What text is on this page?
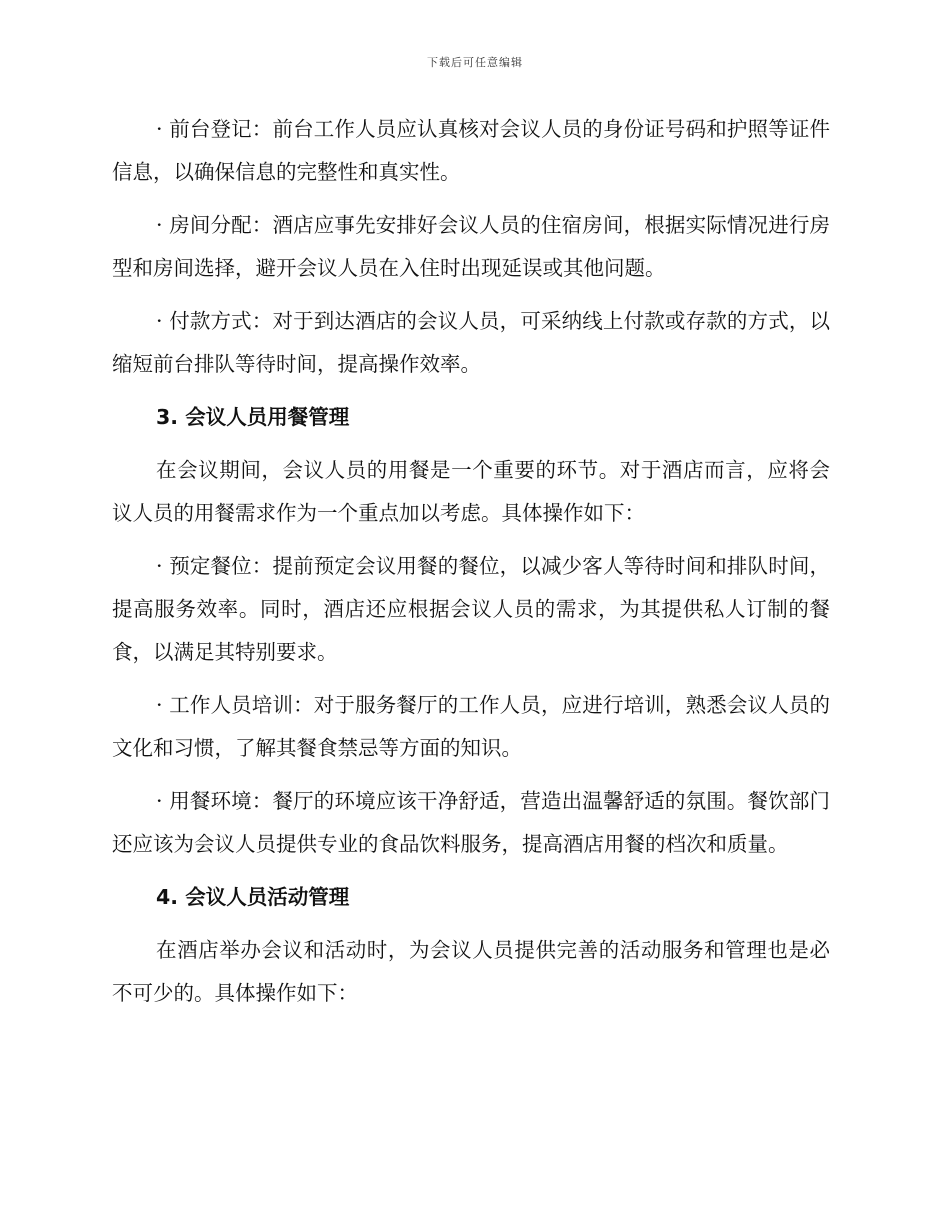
下载后可任意编辑

· 前台登记：前台工作人员应认真核对会议人员的身份证号码和护照等证件信息，以确保信息的完整性和真实性。

· 房间分配：酒店应事先安排好会议人员的住宿房间，根据实际情况进行房型和房间选择，避开会议人员在入住时出现延误或其他问题。

· 付款方式：对于到达酒店的会议人员，可采纳线上付款或存款的方式，以缩短前台排队等待时间，提高操作效率。

3. 会议人员用餐管理

在会议期间，会议人员的用餐是一个重要的环节。对于酒店而言，应将会议人员的用餐需求作为一个重点加以考虑。具体操作如下：

· 预定餐位：提前预定会议用餐的餐位，以减少客人等待时间和排队时间，提高服务效率。同时，酒店还应根据会议人员的需求，为其提供私人订制的餐食，以满足其特别要求。

· 工作人员培训：对于服务餐厅的工作人员，应进行培训，熟悉会议人员的文化和习惯，了解其餐食禁忌等方面的知识。

· 用餐环境：餐厅的环境应该干净舒适，营造出温馨舒适的氛围。餐饮部门还应该为会议人员提供专业的食品饮料服务，提高酒店用餐的档次和质量。

4. 会议人员活动管理

在酒店举办会议和活动时，为会议人员提供完善的活动服务和管理也是必不可少的。具体操作如下：
